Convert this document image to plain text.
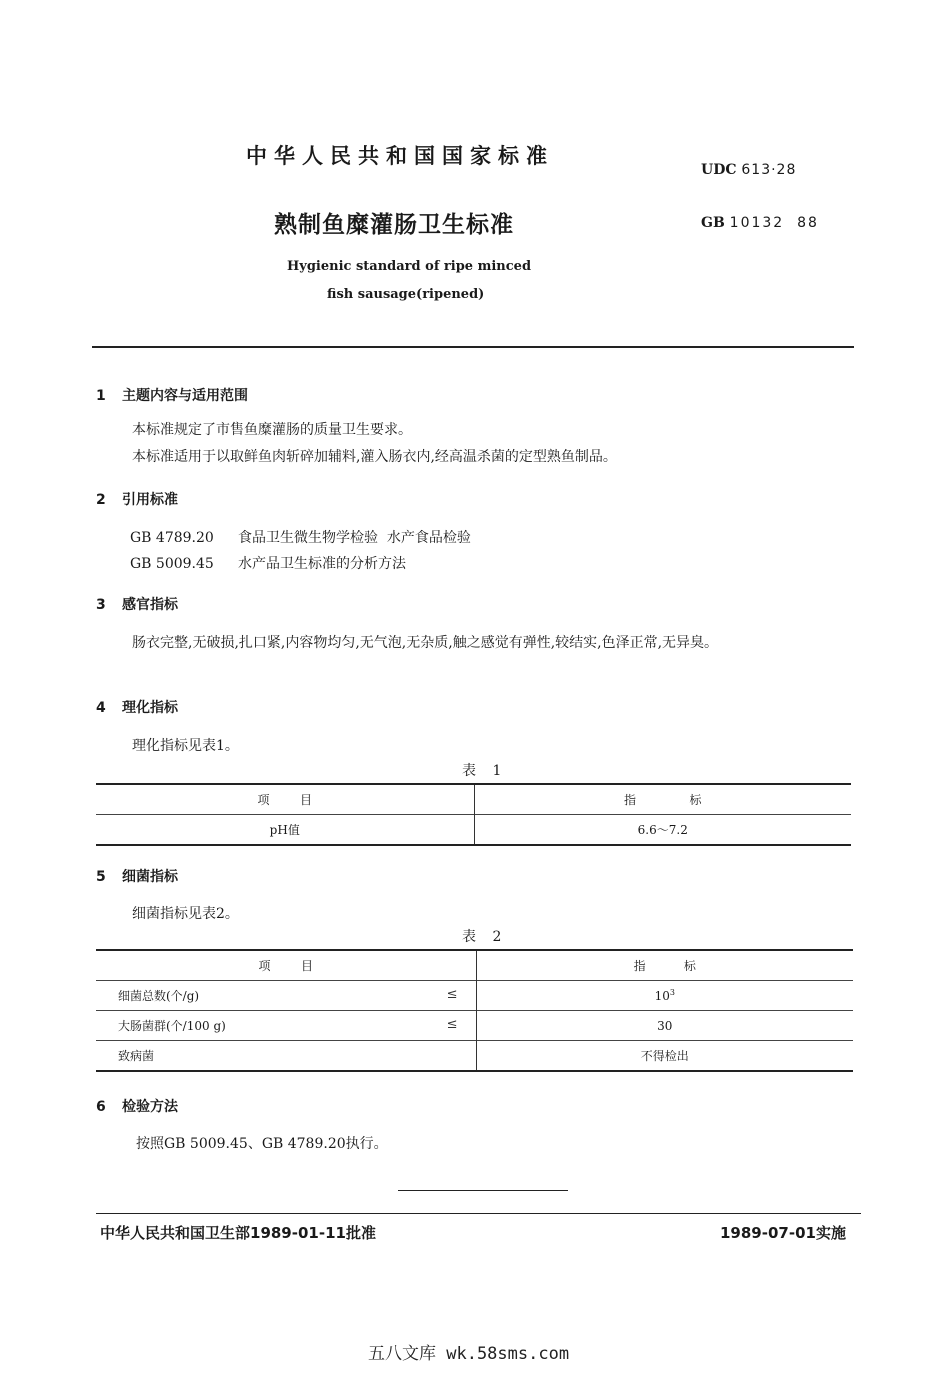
中华人民共和国国家标准
UDC 613·28
熟制鱼糜灌肠卫生标准	GB 10132  88
Hygienic standard of ripe minced
fish sausage(ripened)
1 主题内容与适用范围
本标准规定了市售鱼糜灌肠的质量卫生要求。
本标准适用于以取鲜鱼肉斩碎加辅料,灌入肠衣内,经高温杀菌的定型熟鱼制品。
2 引用标准
GB 4789.20 食品卫生微生物学检验  水产食品检验
GB 5009.45 水产品卫生标准的分析方法
3 感官指标
肠衣完整,无破损,扎口紧,内容物均匀,无气泡,无杂质,触之感觉有弹性,较结实,色泽正常,无异臭。
4 理化指标
理化指标见表1。
表 1
项        目	指              标
pH值	6.6～7.2
5 细菌指标
细菌指标见表2。
表 2
项        目	指          标
细菌总数(个/g) ≤	$10^3$
大肠菌群(个/100 g) ≤	30
致病菌	不得检出
6 检验方法
按照GB 5009.45、GB 4789.20执行。
中华人民共和国卫生部1989-01-11批准	1989-07-01实施
五八文库 wk.58sms.com
